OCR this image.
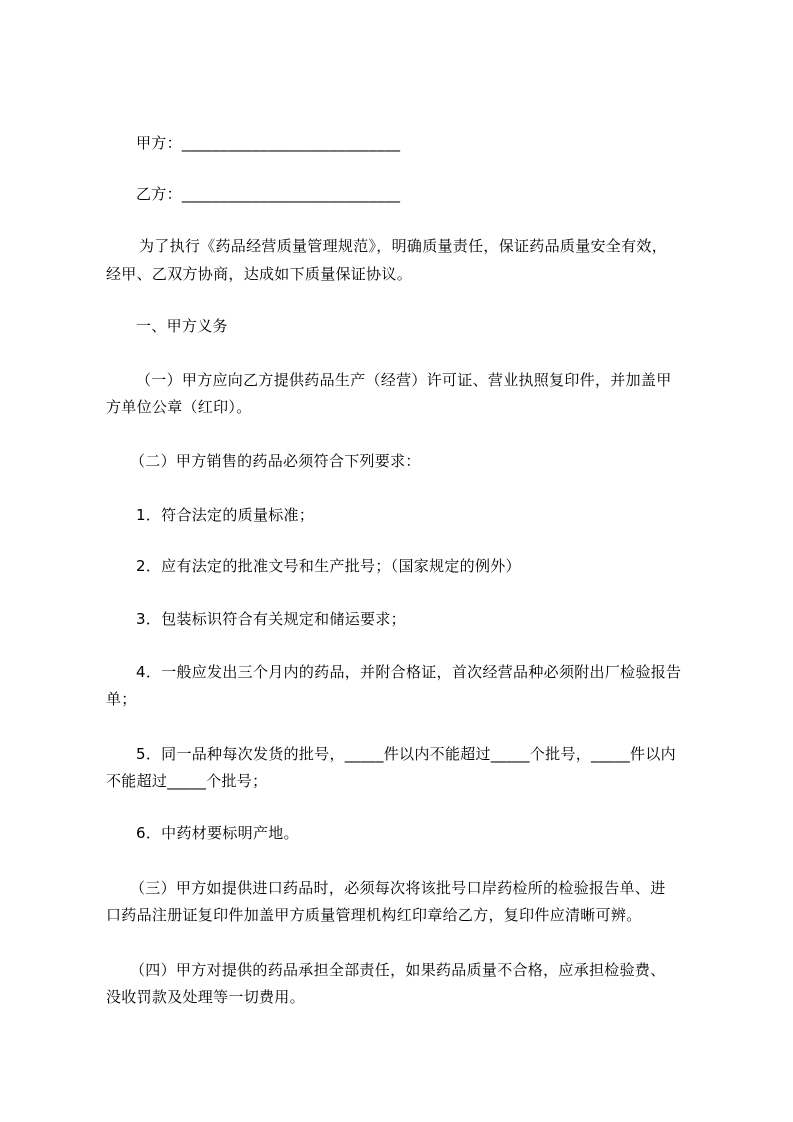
甲方：____________________________
乙方：____________________________
为了执行《药品经营质量管理规范》，明确质量责任，保证药品质量安全有效，
经甲、乙双方协商，达成如下质量保证协议。
一、甲方义务
（一）甲方应向乙方提供药品生产（经营）许可证、营业执照复印件，并加盖甲
方单位公章（红印）。
（二）甲方销售的药品必须符合下列要求：
1．符合法定的质量标准；
2．应有法定的批准文号和生产批号；（国家规定的例外）
3．包装标识符合有关规定和储运要求；
4．一般应发出三个月内的药品，并附合格证，首次经营品种必须附出厂检验报告
单；
5．同一品种每次发货的批号，_____件以内不能超过_____个批号，_____件以内
不能超过_____个批号；
6．中药材要标明产地。
（三）甲方如提供进口药品时，必须每次将该批号口岸药检所的检验报告单、进
口药品注册证复印件加盖甲方质量管理机构红印章给乙方，复印件应清晰可辨。
（四）甲方对提供的药品承担全部责任，如果药品质量不合格，应承担检验费、
没收罚款及处理等一切费用。
